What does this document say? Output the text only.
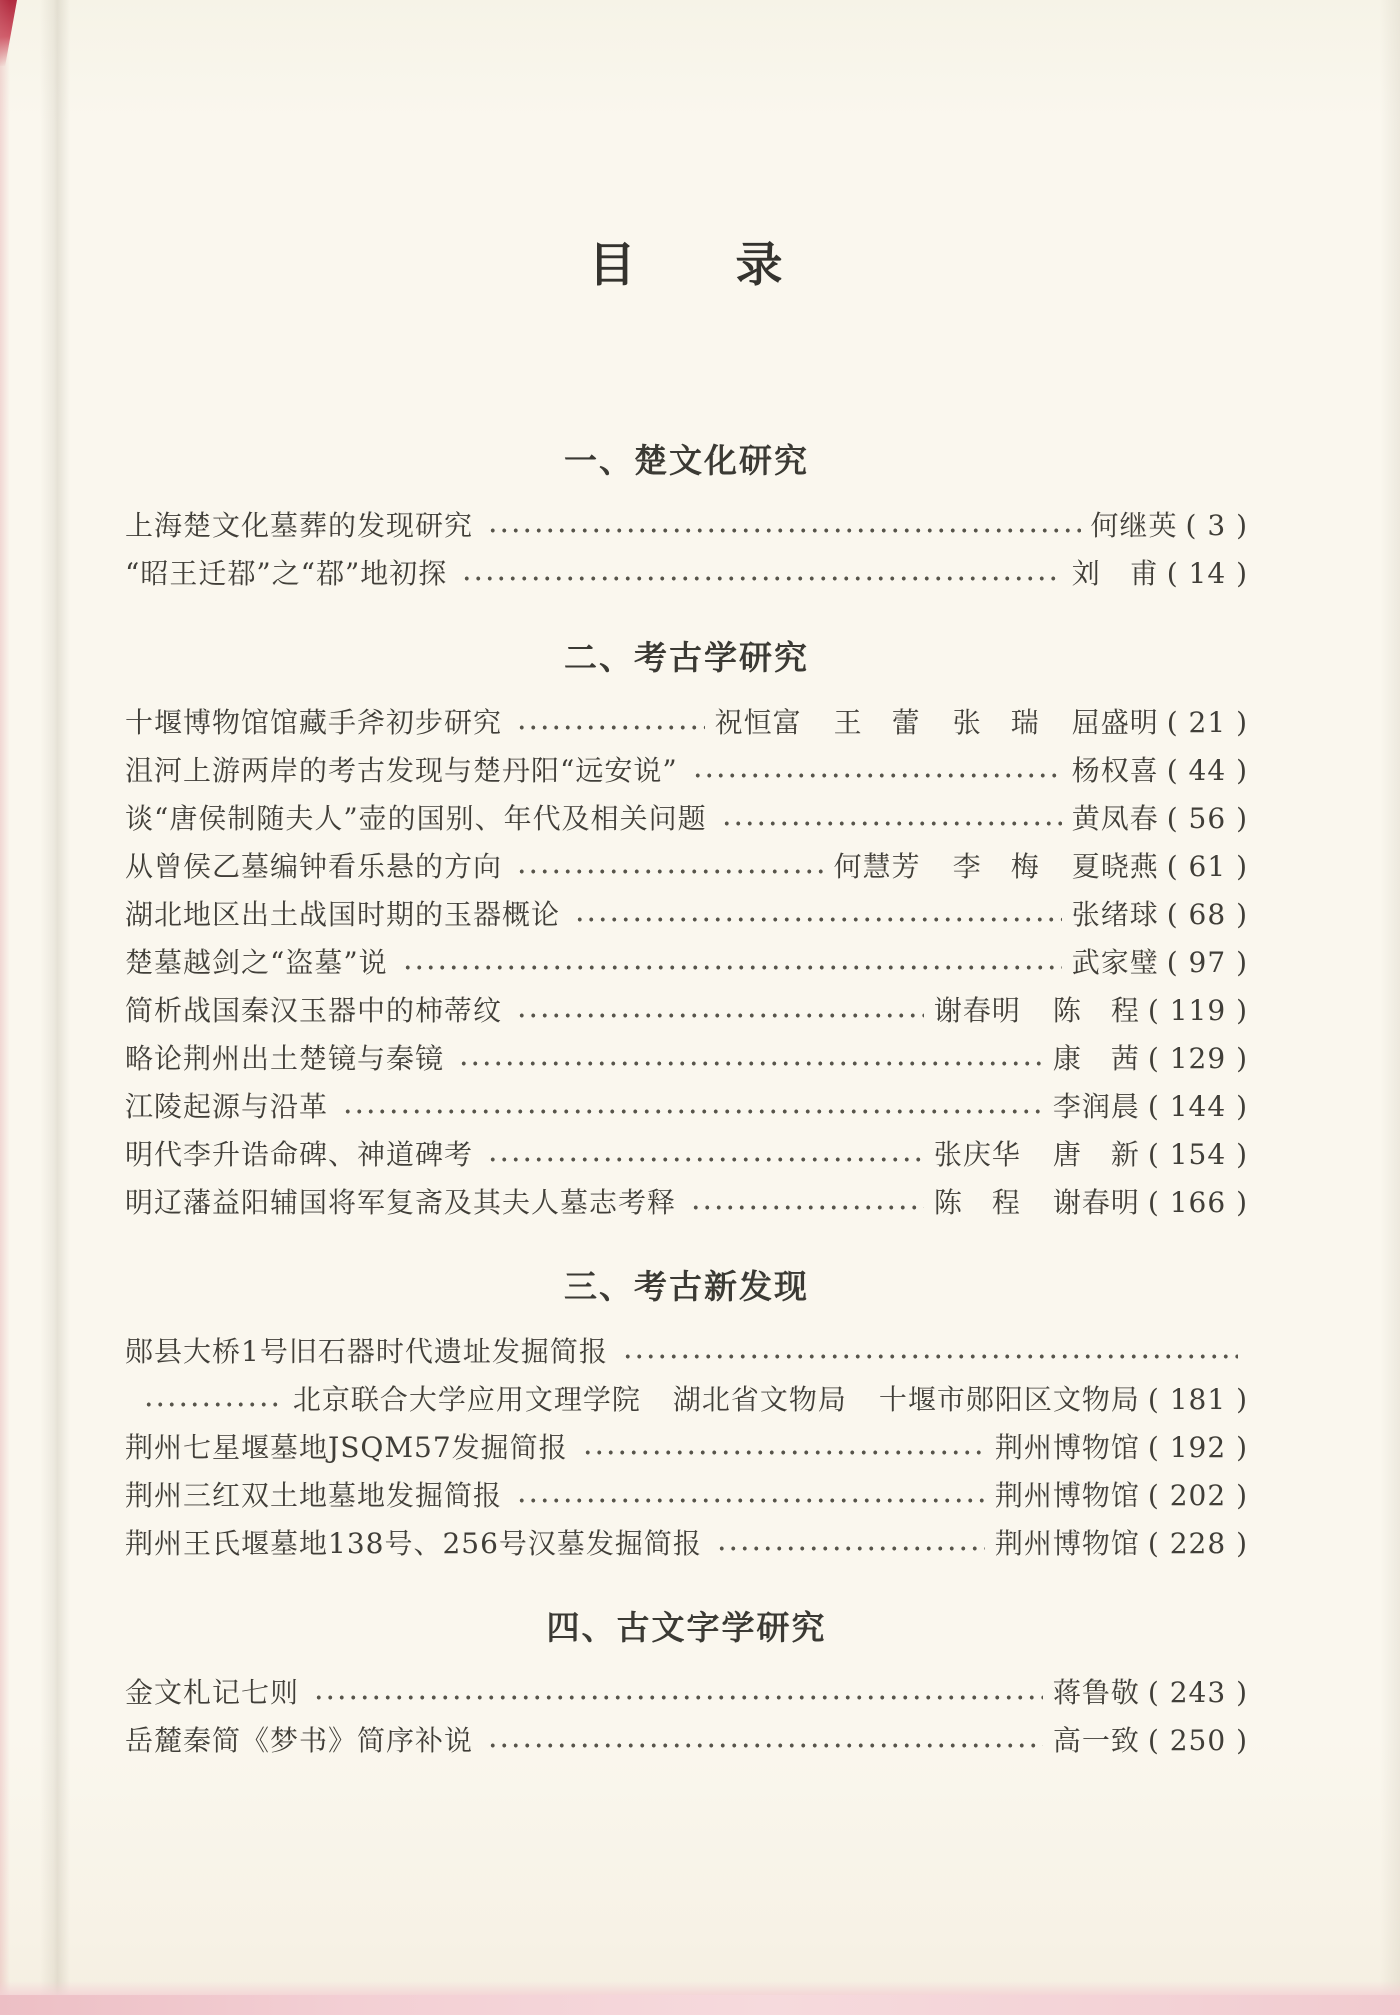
目　　录
一、楚文化研究
上海楚文化墓葬的发现研究	何继英 ( 3 )
“昭王迁鄀”之“鄀”地初探	刘　甫 ( 14 )
二、考古学研究
十堰博物馆馆藏手斧初步研究	祝恒富 王　蕾 张　瑞 屈盛明 ( 21 )
沮河上游两岸的考古发现与楚丹阳“远安说”	杨权喜 ( 44 )
谈“唐侯制随夫人”壶的国别、年代及相关问题	黄凤春 ( 56 )
从曾侯乙墓编钟看乐悬的方向	何慧芳 李　梅 夏晓燕 ( 61 )
湖北地区出土战国时期的玉器概论	张绪球 ( 68 )
楚墓越剑之“盗墓”说	武家璧 ( 97 )
简析战国秦汉玉器中的柿蒂纹	谢春明 陈　程 ( 119 )
略论荆州出土楚镜与秦镜	康　茜 ( 129 )
江陵起源与沿革	李润晨 ( 144 )
明代李升诰命碑、神道碑考	张庆华 唐　新 ( 154 )
明辽藩益阳辅国将军复斋及其夫人墓志考释	陈　程 谢春明 ( 166 )
三、考古新发现
郧县大桥1号旧石器时代遗址发掘简报
北京联合大学应用文理学院 湖北省文物局 十堰市郧阳区文物局 ( 181 )
荆州七星堰墓地JSQM57发掘简报	荆州博物馆 ( 192 )
荆州三红双土地墓地发掘简报	荆州博物馆 ( 202 )
荆州王氏堰墓地138号、256号汉墓发掘简报	荆州博物馆 ( 228 )
四、古文字学研究
金文札记七则	蒋鲁敬 ( 243 )
岳麓秦简《梦书》简序补说	高一致 ( 250 )
